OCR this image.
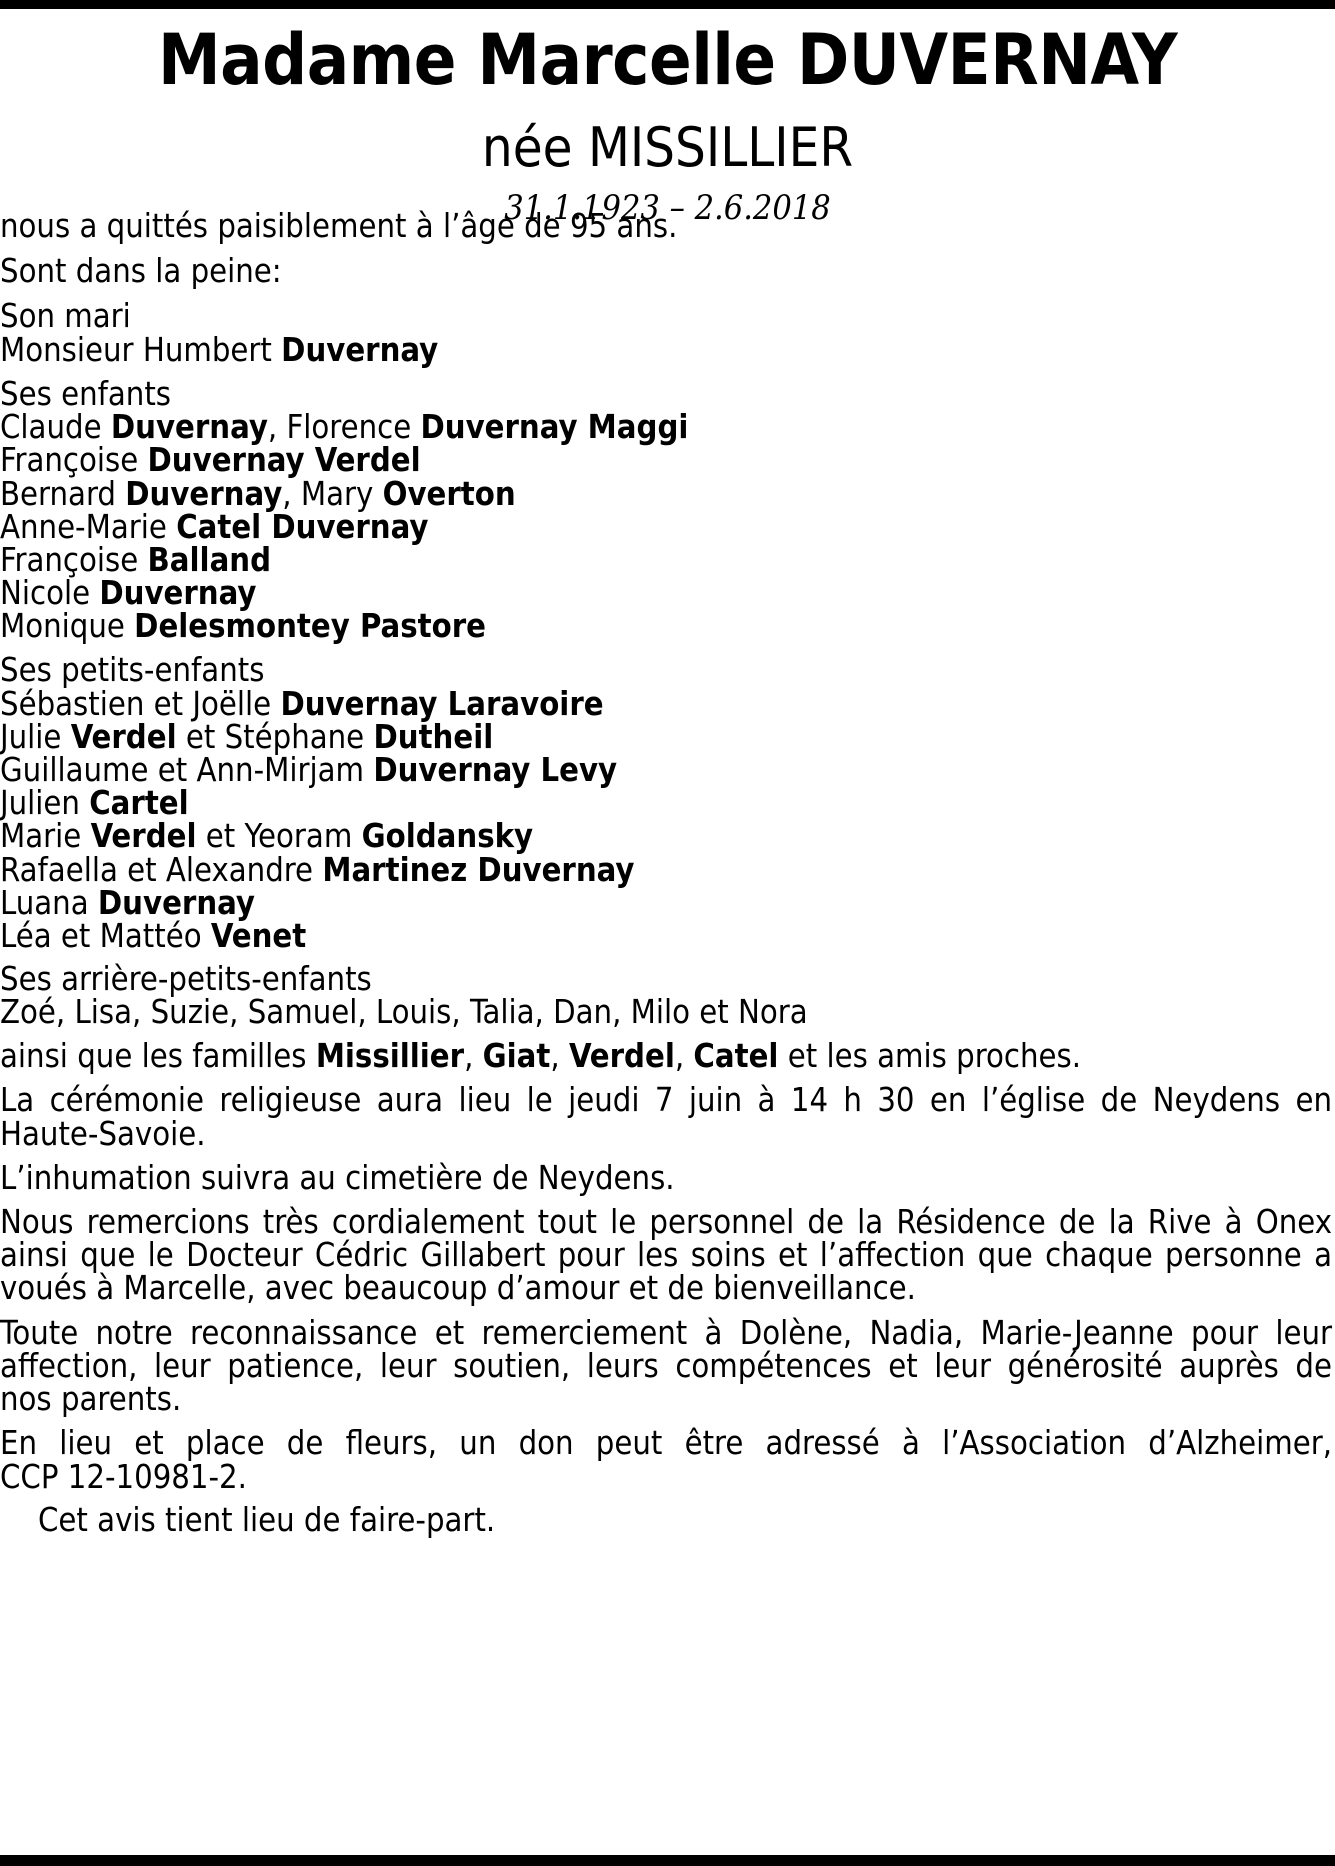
Madame Marcelle DUVERNAY
née MISSILLIER
31.1.1923 – 2.6.2018

nous a quittés paisiblement à l’âge de 95 ans.

Sont dans la peine:

Son mari

Monsieur Humbert Duvernay

Ses enfants

Claude Duvernay, Florence Duvernay Maggi

Françoise Duvernay Verdel

Bernard Duvernay, Mary Overton

Anne-Marie Catel Duvernay

Françoise Balland

Nicole Duvernay

Monique Delesmontey Pastore

Ses petits-enfants

Sébastien et Joëlle Duvernay Laravoire

Julie Verdel et Stéphane Dutheil

Guillaume et Ann-Mirjam Duvernay Levy

Julien Cartel

Marie Verdel et Yeoram Goldansky

Rafaella et Alexandre Martinez Duvernay

Luana Duvernay

Léa et Mattéo Venet

Ses arrière-petits-enfants

Zoé, Lisa, Suzie, Samuel, Louis, Talia, Dan, Milo et Nora

ainsi que les familles Missillier, Giat, Verdel, Catel et les amis proches.

La cérémonie religieuse aura lieu le jeudi 7 juin à 14 h 30 en l’église de Neydens en

Haute-Savoie.

L’inhumation suivra au cimetière de Neydens.

Nous remercions très cordialement tout le personnel de la Résidence de la Rive à Onex

ainsi que le Docteur Cédric Gillabert pour les soins et l’affection que chaque personne a

voués à Marcelle, avec beaucoup d’amour et de bienveillance.

Toute notre reconnaissance et remerciement à Dolène, Nadia, Marie-Jeanne pour leur

affection, leur patience, leur soutien, leurs compétences et leur générosité auprès de

nos parents.

En lieu et place de fleurs, un don peut être adressé à l’Association d’Alzheimer,

CCP 12-10981-2.

Cet avis tient lieu de faire-part.
